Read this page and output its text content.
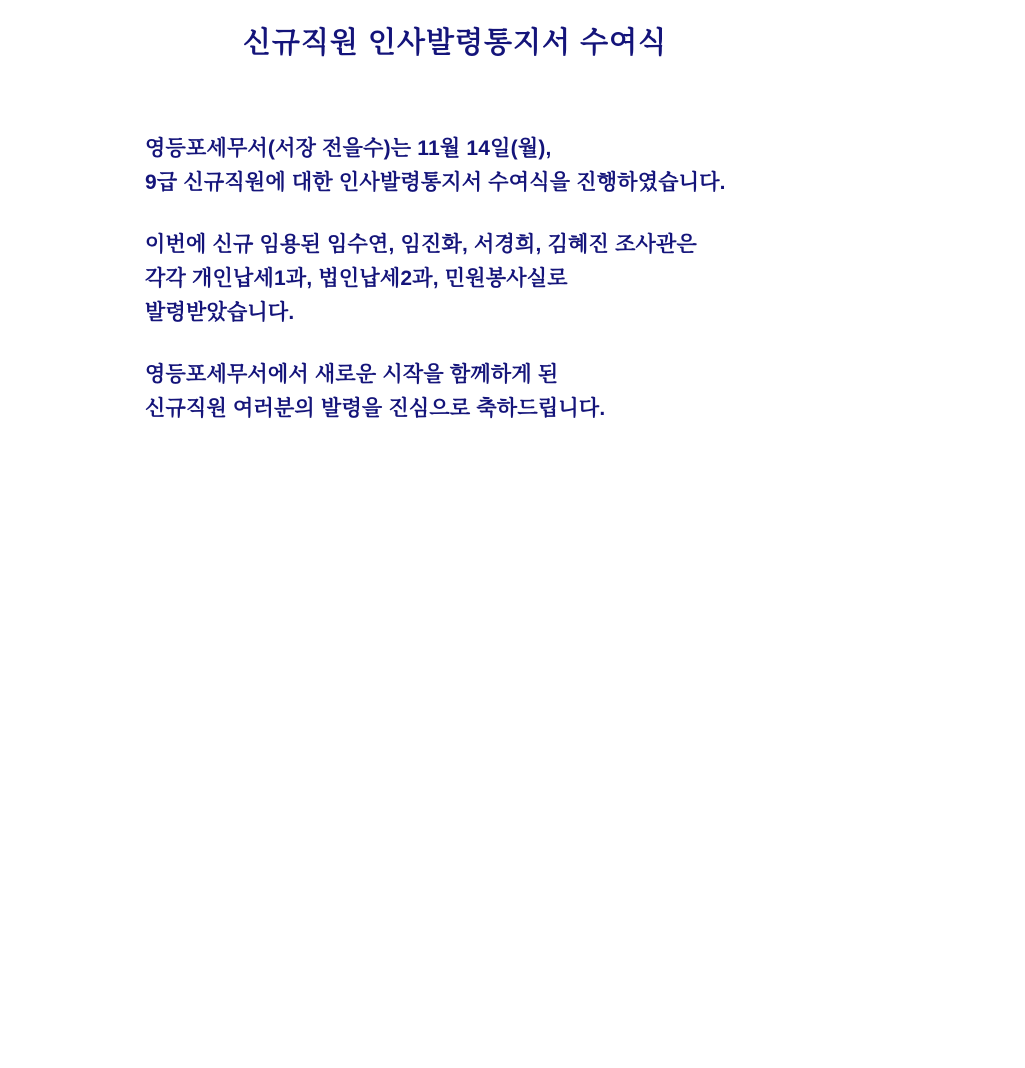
신규직원 인사발령통지서 수여식

영등포세무서(서장 전을수)는 11월 14일(월),
9급 신규직원에 대한 인사발령통지서 수여식을 진행하였습니다.

이번에 신규 임용된 임수연, 임진화, 서경희, 김혜진 조사관은
각각 개인납세1과, 법인납세2과, 민원봉사실로
발령받았습니다.

영등포세무서에서 새로운 시작을 함께하게 된
신규직원 여러분의 발령을 진심으로 축하드립니다.
